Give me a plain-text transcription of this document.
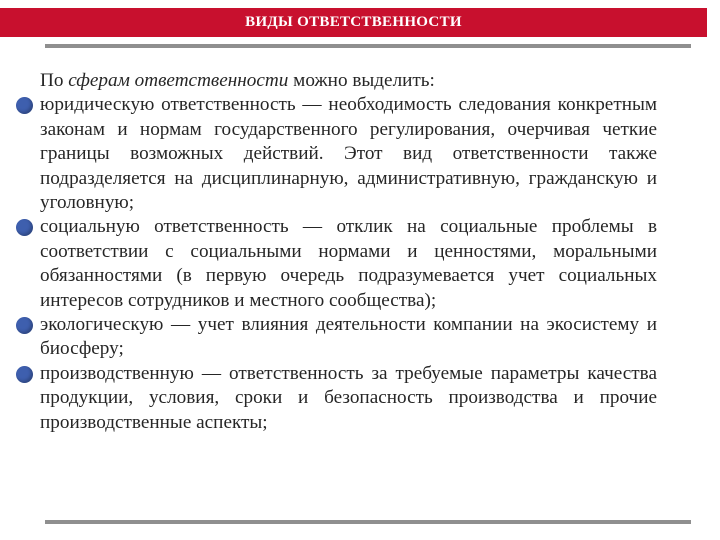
ВИДЫ ОТВЕТСТВЕННОСТИ

По сферам ответственности можно выделить:

юридическую ответственность — необходимость следования конкретным законам и нормам государственного регулирования, очерчивая четкие границы возможных действий. Этот вид ответственности также подразделяется на дисциплинарную, административную, гражданскую и уголовную;

социальную ответственность — отклик на социальные проблемы в соответствии с социальными нормами и ценностями, моральными обязанностями (в первую очередь подразумевается учет социальных интересов сотрудников и местного сообщества);

экологическую — учет влияния деятельности компании на экосистему и биосферу;

производственную — ответственность за требуемые параметры качества продукции, условия, сроки и безопасность производства и прочие производственные аспекты;
